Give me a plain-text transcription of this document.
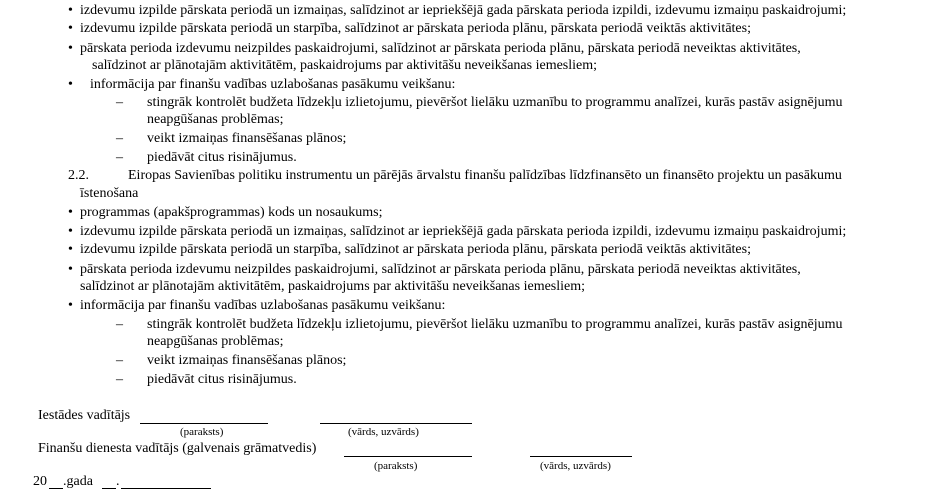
• izdevumu izpilde pārskata periodā un izmaiņas, salīdzinot ar iepriekšējā gada pārskata perioda izpildi, izdevumu izmaiņu paskaidrojumi;
• izdevumu izpilde pārskata periodā un starpība, salīdzinot ar pārskata perioda plānu, pārskata periodā veiktās aktivitātes;
• pārskata perioda izdevumu neizpildes paskaidrojumi, salīdzinot ar pārskata perioda plānu, pārskata periodā neveiktas aktivitātes,
salīdzinot ar plānotajām aktivitātēm, paskaidrojums par aktivitāšu neveikšanas iemesliem;
• informācija par finanšu vadības uzlabošanas pasākumu veikšanu:
– stingrāk kontrolēt budžeta līdzekļu izlietojumu, pievēršot lielāku uzmanību to programmu analīzei, kurās pastāv asignējumu
neapgūšanas problēmas;
– veikt izmaiņas finansēšanas plānos;
– piedāvāt citus risinājumus.
2.2.	Eiropas Savienības politiku instrumentu un pārējās ārvalstu finanšu palīdzības līdzfinansēto un finansēto projektu un pasākumu
īstenošana
• programmas (apakšprogrammas) kods un nosaukums;
• izdevumu izpilde pārskata periodā un izmaiņas, salīdzinot ar iepriekšējā gada pārskata perioda izpildi, izdevumu izmaiņu paskaidrojumi;
• izdevumu izpilde pārskata periodā un starpība, salīdzinot ar pārskata perioda plānu, pārskata periodā veiktās aktivitātes;
• pārskata perioda izdevumu neizpildes paskaidrojumi, salīdzinot ar pārskata perioda plānu, pārskata periodā neveiktas aktivitātes,
salīdzinot ar plānotajām aktivitātēm, paskaidrojums par aktivitāšu neveikšanas iemesliem;
• informācija par finanšu vadības uzlabošanas pasākumu veikšanu:
– stingrāk kontrolēt budžeta līdzekļu izlietojumu, pievēršot lielāku uzmanību to programmu analīzei, kurās pastāv asignējumu
neapgūšanas problēmas;
– veikt izmaiņas finansēšanas plānos;
– piedāvāt citus risinājumus.
Iestādes vadītājs
(paraksts)	(vārds, uzvārds)
Finanšu dienesta vadītājs (galvenais grāmatvedis)
(paraksts)	(vārds, uzvārds)
20 .gada .
